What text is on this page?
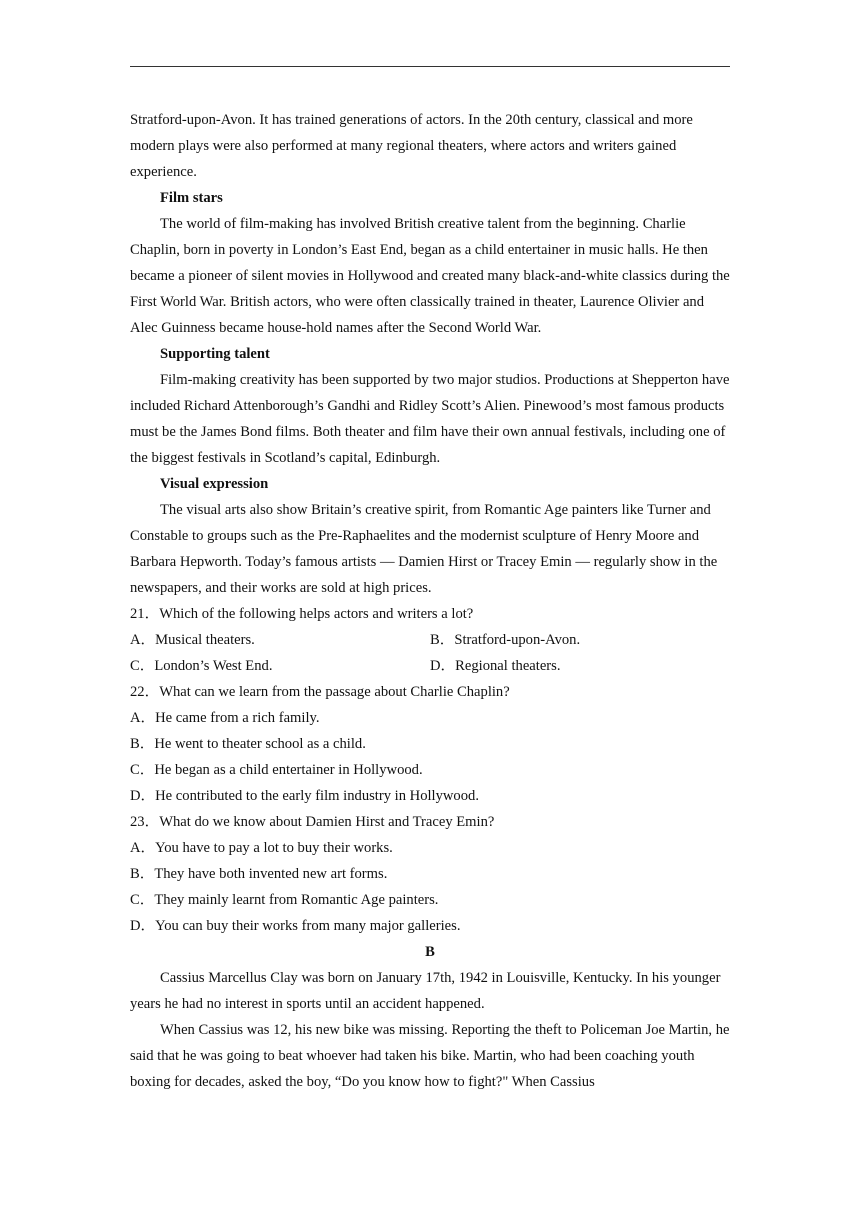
Stratford-upon-Avon. It has trained generations of actors. In the 20th century, classical and more modern plays were also performed at many regional theaters, where actors and writers gained experience.

Film stars

The world of film-making has involved British creative talent from the beginning. Charlie Chaplin, born in poverty in London’s East End, began as a child entertainer in music halls. He then became a pioneer of silent movies in Hollywood and created many black-and-white classics during the First World War. British actors, who were often classically trained in theater, Laurence Olivier and Alec Guinness became house-hold names after the Second World War.

Supporting talent

Film-making creativity has been supported by two major studios. Productions at Shepperton have included Richard Attenborough’s Gandhi and Ridley Scott’s Alien. Pinewood’s most famous products must be the James Bond films. Both theater and film have their own annual festivals, including one of the biggest festivals in Scotland’s capital, Edinburgh.

Visual expression

The visual arts also show Britain’s creative spirit, from Romantic Age painters like Turner and Constable to groups such as the Pre-Raphaelites and the modernist sculpture of Henry Moore and Barbara Hepworth. Today’s famous artists — Damien Hirst or Tracey Emin — regularly show in the newspapers, and their works are sold at high prices.

21．Which of the following helps actors and writers a lot?

A．Musical theaters.	B．Stratford-upon-Avon.

C．London’s West End.	D．Regional theaters.

22．What can we learn from the passage about Charlie Chaplin?

A．He came from a rich family.

B．He went to theater school as a child.

C．He began as a child entertainer in Hollywood.

D．He contributed to the early film industry in Hollywood.

23．What do we know about Damien Hirst and Tracey Emin?

A．You have to pay a lot to buy their works.

B．They have both invented new art forms.

C．They mainly learnt from Romantic Age painters.

D．You can buy their works from many major galleries.

B

Cassius Marcellus Clay was born on January 17th, 1942 in Louisville, Kentucky. In his younger years he had no interest in sports until an accident happened.

When Cassius was 12, his new bike was missing. Reporting the theft to Policeman Joe Martin, he said that he was going to beat whoever had taken his bike. Martin, who had been coaching youth boxing for decades, asked the boy, “Do you know how to fight?" When Cassius
